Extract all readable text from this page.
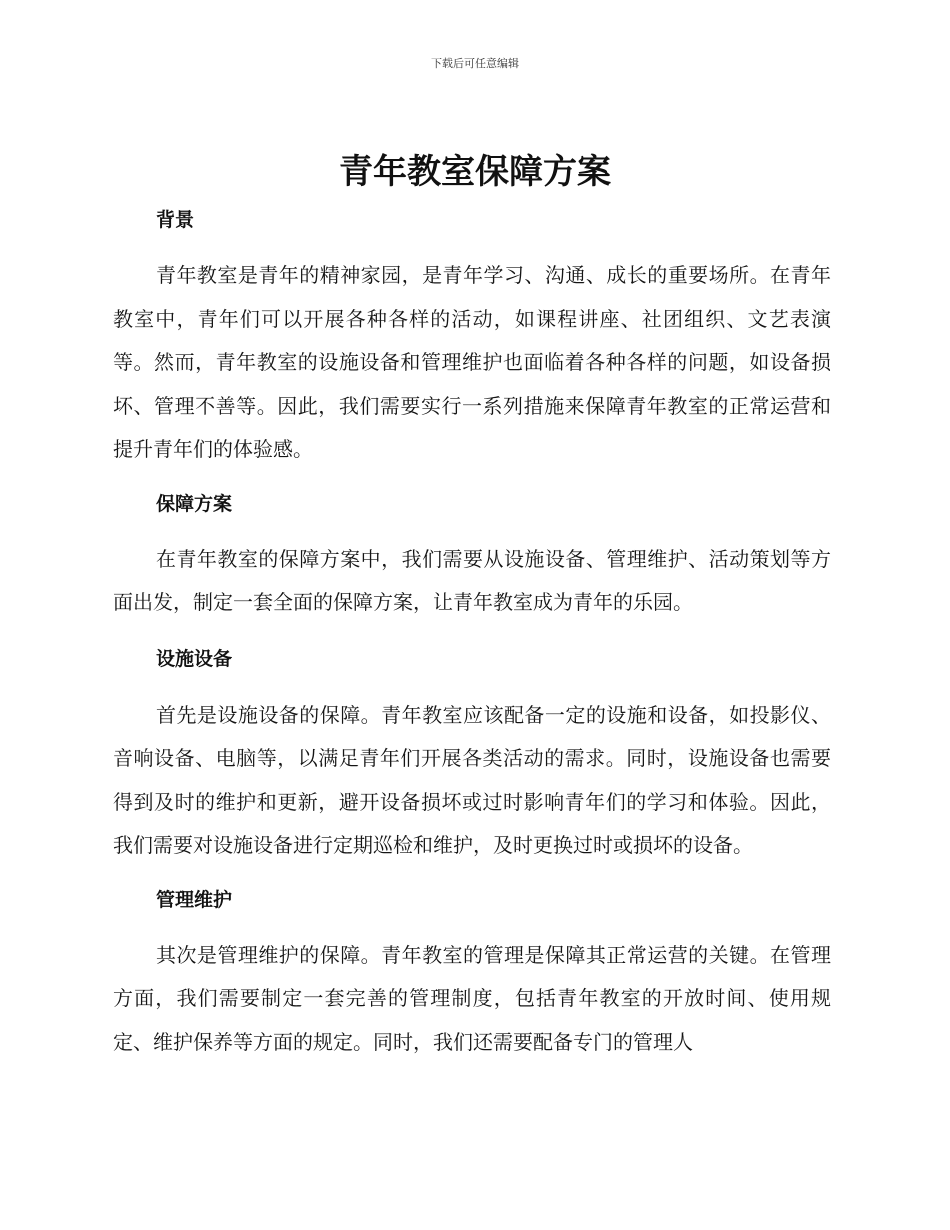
下载后可任意编辑
青年教室保障方案
背景

青年教室是青年的精神家园，是青年学习、沟通、成长的重要场所。在青年教室中，青年们可以开展各种各样的活动，如课程讲座、社团组织、文艺表演等。然而，青年教室的设施设备和管理维护也面临着各种各样的问题，如设备损坏、管理不善等。因此，我们需要实行一系列措施来保障青年教室的正常运营和提升青年们的体验感。

保障方案

在青年教室的保障方案中，我们需要从设施设备、管理维护、活动策划等方面出发，制定一套全面的保障方案，让青年教室成为青年的乐园。

设施设备

首先是设施设备的保障。青年教室应该配备一定的设施和设备，如投影仪、音响设备、电脑等，以满足青年们开展各类活动的需求。同时，设施设备也需要得到及时的维护和更新，避开设备损坏或过时影响青年们的学习和体验。因此，我们需要对设施设备进行定期巡检和维护，及时更换过时或损坏的设备。

管理维护

其次是管理维护的保障。青年教室的管理是保障其正常运营的关键。在管理方面，我们需要制定一套完善的管理制度，包括青年教室的开放时间、使用规定、维护保养等方面的规定。同时，我们还需要配备专门的管理人
